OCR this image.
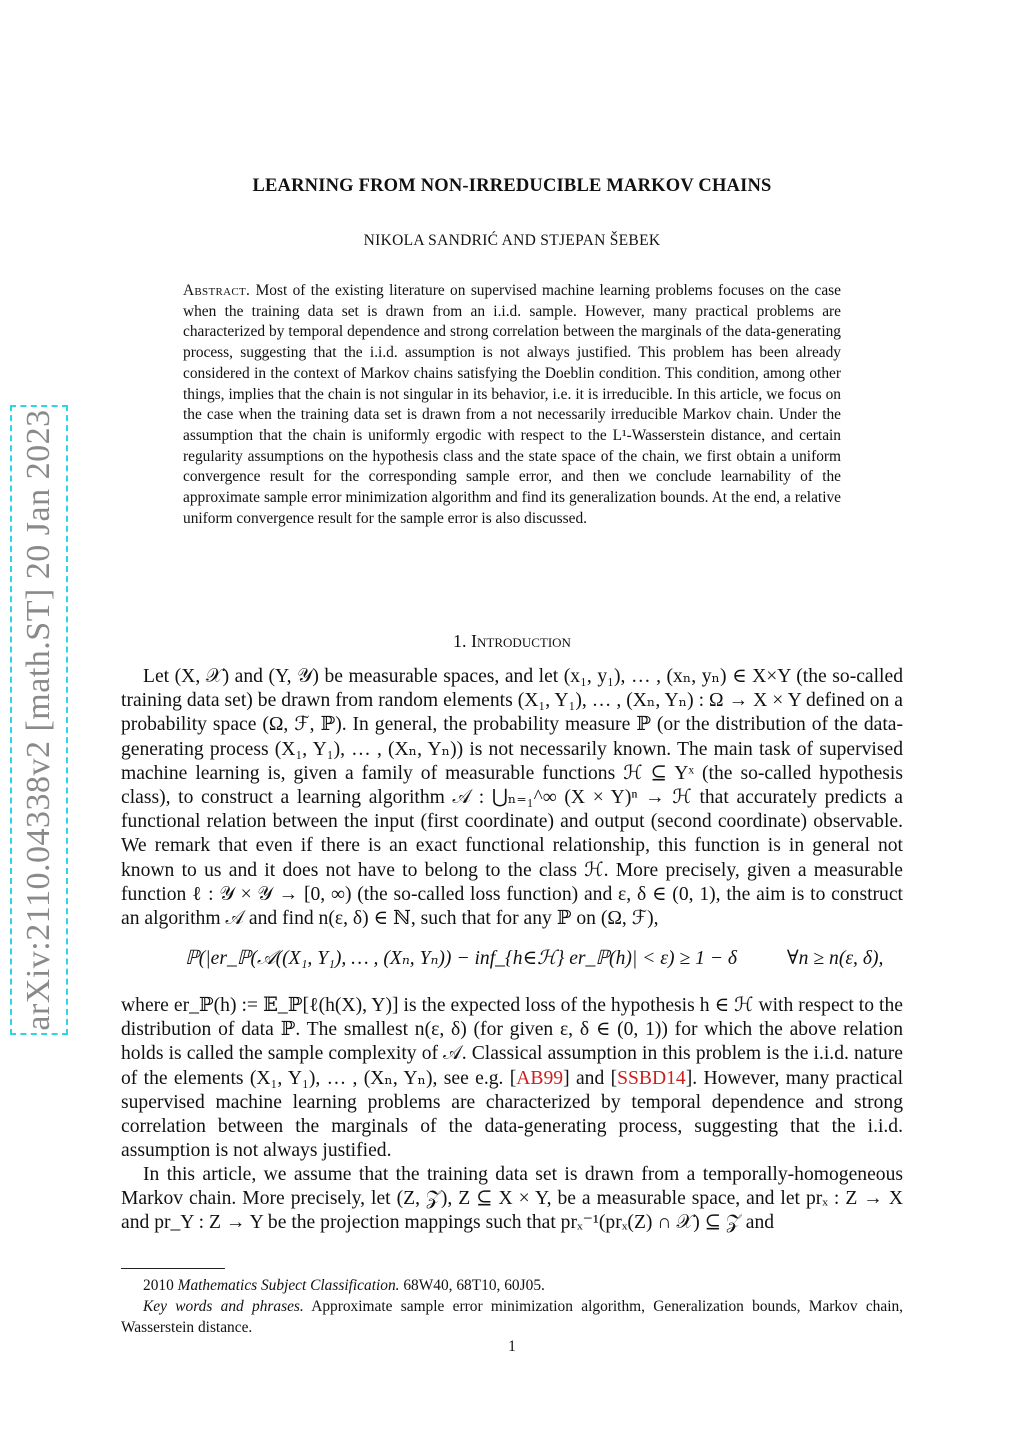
arXiv:2110.04338v2 [math.ST] 20 Jan 2023
LEARNING FROM NON-IRREDUCIBLE MARKOV CHAINS
NIKOLA SANDRIĆ AND STJEPAN ŠEBEK
Abstract. Most of the existing literature on supervised machine learning problems focuses on the case when the training data set is drawn from an i.i.d. sample. However, many practical problems are characterized by temporal dependence and strong correlation between the marginals of the data-generating process, suggesting that the i.i.d. assumption is not always justified. This problem has been already considered in the context of Markov chains satisfying the Doeblin condition. This condition, among other things, implies that the chain is not singular in its behavior, i.e. it is irreducible. In this article, we focus on the case when the training data set is drawn from a not necessarily irreducible Markov chain. Under the assumption that the chain is uniformly ergodic with respect to the L¹-Wasserstein distance, and certain regularity assumptions on the hypothesis class and the state space of the chain, we first obtain a uniform convergence result for the corresponding sample error, and then we conclude learnability of the approximate sample error minimization algorithm and find its generalization bounds. At the end, a relative uniform convergence result for the sample error is also discussed.
1. Introduction
Let (X, 𝒳) and (Y, 𝒴) be measurable spaces, and let (x₁, y₁), … , (xₙ, yₙ) ∈ X×Y (the so-called training data set) be drawn from random elements (X₁, Y₁), … , (Xₙ, Yₙ) : Ω → X × Y defined on a probability space (Ω, ℱ, ℙ). In general, the probability measure ℙ (or the distribution of the data-generating process (X₁, Y₁), … , (Xₙ, Yₙ)) is not necessarily known. The main task of supervised machine learning is, given a family of measurable functions ℋ ⊆ Yˣ (the so-called hypothesis class), to construct a learning algorithm 𝒜 : ⋃ₙ₌₁^∞ (X × Y)ⁿ → ℋ that accurately predicts a functional relation between the input (first coordinate) and output (second coordinate) observable. We remark that even if there is an exact functional relationship, this function is in general not known to us and it does not have to belong to the class ℋ. More precisely, given a measurable function ℓ : 𝒴 × 𝒴 → [0, ∞) (the so-called loss function) and ε, δ ∈ (0, 1), the aim is to construct an algorithm 𝒜 and find n(ε, δ) ∈ ℕ, such that for any ℙ on (Ω, ℱ),
ℙ(|er_ℙ(𝒜((X₁, Y₁), … , (Xₙ, Yₙ)) − inf_{h∈ℋ} er_ℙ(h)| < ε) ≥ 1 − δ	∀n ≥ n(ε, δ),
where er_ℙ(h) := 𝔼_ℙ[ℓ(h(X), Y)] is the expected loss of the hypothesis h ∈ ℋ with respect to the distribution of data ℙ. The smallest n(ε, δ) (for given ε, δ ∈ (0, 1)) for which the above relation holds is called the sample complexity of 𝒜. Classical assumption in this problem is the i.i.d. nature of the elements (X₁, Y₁), … , (Xₙ, Yₙ), see e.g. [AB99] and [SSBD14]. However, many practical supervised machine learning problems are characterized by temporal dependence and strong correlation between the marginals of the data-generating process, suggesting that the i.i.d. assumption is not always justified.
In this article, we assume that the training data set is drawn from a temporally-homogeneous Markov chain. More precisely, let (Z, 𝒵), Z ⊆ X × Y, be a measurable space, and let prₓ : Z → X and pr_Y : Z → Y be the projection mappings such that prₓ⁻¹(prₓ(Z) ∩ 𝒳) ⊆ 𝒵 and
2010 Mathematics Subject Classification. 68W40, 68T10, 60J05.
Key words and phrases. Approximate sample error minimization algorithm, Generalization bounds, Markov chain, Wasserstein distance.
1
